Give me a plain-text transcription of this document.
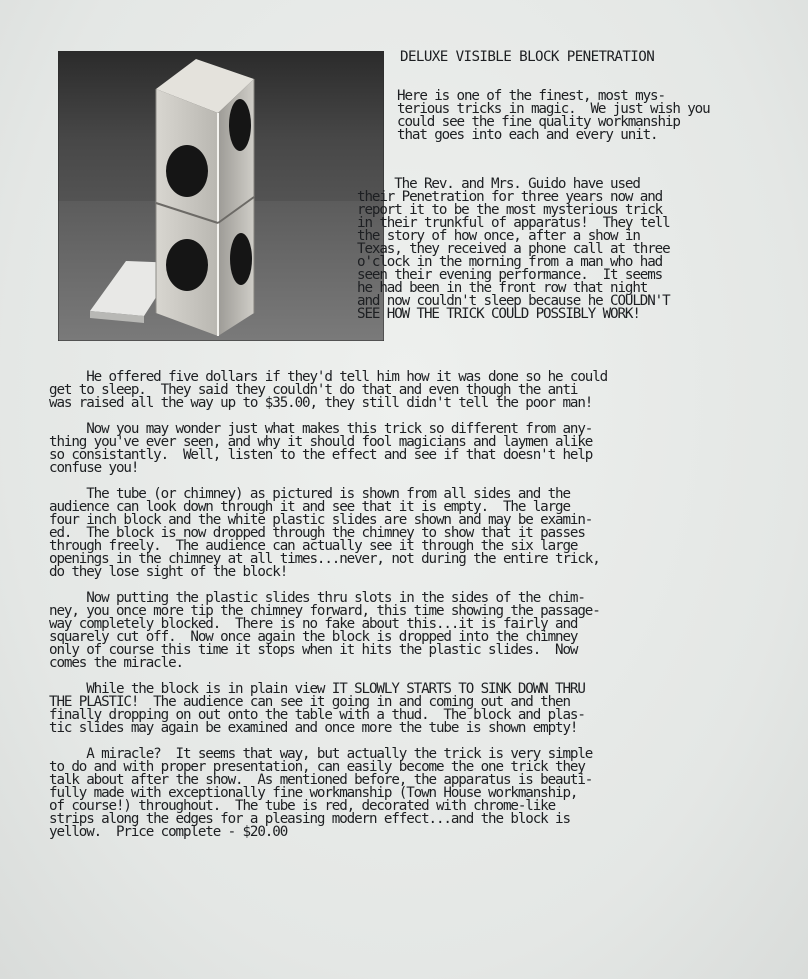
DELUXE VISIBLE BLOCK PENETRATION

Here is one of the finest, most mys-
terious tricks in magic.  We just wish you
could see the fine quality workmanship
that goes into each and every unit.

The Rev. and Mrs. Guido have used
their Penetration for three years now and
report it to be the most mysterious trick
in their trunkful of apparatus!  They tell
the story of how once, after a show in
Texas, they received a phone call at three
o'clock in the morning from a man who had
seen their evening performance.  It seems
he had been in the front row that night
and now couldn't sleep because he COULDN'T
SEE HOW THE TRICK COULD POSSIBLY WORK!

He offered five dollars if they'd tell him how it was done so he could
get to sleep.  They said they couldn't do that and even though the anti
was raised all the way up to $35.00, they still didn't tell the poor man!

Now you may wonder just what makes this trick so different from any-
thing you've ever seen, and why it should fool magicians and laymen alike
so consistantly.  Well, listen to the effect and see if that doesn't help
confuse you!

The tube (or chimney) as pictured is shown from all sides and the
audience can look down through it and see that it is empty.  The large
four inch block and the white plastic slides are shown and may be examin-
ed.  The block is now dropped through the chimney to show that it passes
through freely.  The audience can actually see it through the six large
openings in the chimney at all times...never, not during the entire trick,
do they lose sight of the block!

Now putting the plastic slides thru slots in the sides of the chim-
ney, you once more tip the chimney forward, this time showing the passage-
way completely blocked.  There is no fake about this...it is fairly and
squarely cut off.  Now once again the block is dropped into the chimney
only of course this time it stops when it hits the plastic slides.  Now
comes the miracle.

While the block is in plain view IT SLOWLY STARTS TO SINK DOWN THRU
THE PLASTIC!  The audience can see it going in and coming out and then
finally dropping on out onto the table with a thud.  The block and plas-
tic slides may again be examined and once more the tube is shown empty!

A miracle?  It seems that way, but actually the trick is very simple
to do and with proper presentation, can easily become the one trick they
talk about after the show.  As mentioned before, the apparatus is beauti-
fully made with exceptionally fine workmanship (Town House workmanship,
of course!) throughout.  The tube is red, decorated with chrome-like
strips along the edges for a pleasing modern effect...and the block is
yellow.  Price complete - $20.00
